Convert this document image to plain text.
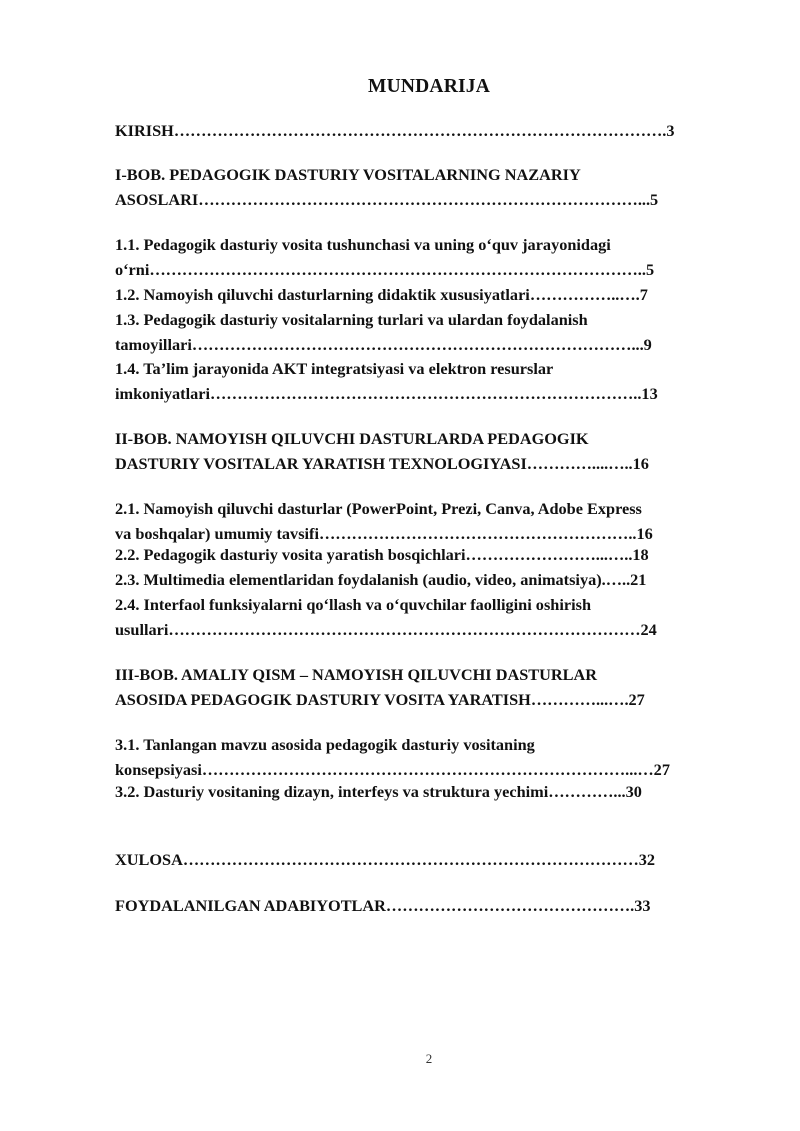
MUNDARIJA
KIRISH……………………………………………………………………………….3
I-BOB. PEDAGOGIK DASTURIY VOSITALARNING NAZARIY
ASOSLARI………………………………………………………………………...5
1.1. Pedagogik dasturiy vosita tushunchasi va uning o‘quv jarayonidagi
o‘rni………………………………………………………………………………..5
1.2. Namoyish qiluvchi dasturlarning didaktik xususiyatlari……………..….7
1.3. Pedagogik dasturiy vositalarning turlari va ulardan foydalanish
tamoyillari………………………………………………………………………...9
1.4. Ta’lim jarayonida AKT integratsiyasi va elektron resurslar
imkoniyatlari……………………………………………………………………..13
II-BOB. NAMOYISH QILUVCHI DASTURLARDA PEDAGOGIK
DASTURIY VOSITALAR YARATISH TEXNOLOGIYASI…………....…..16
2.1. Namoyish qiluvchi dasturlar (PowerPoint, Prezi, Canva, Adobe Express
va boshqalar) umumiy tavsifi…………………………………………………..16
2.2. Pedagogik dasturiy vosita yaratish bosqichlari……………………...…..18
2.3. Multimedia elementlaridan foydalanish (audio, video, animatsiya).…..21
2.4. Interfaol funksiyalarni qo‘llash va o‘quvchilar faolligini oshirish
usullari……………………………………………………………………………24
III-BOB. AMALIY QISM – NAMOYISH QILUVCHI DASTURLAR
ASOSIDA PEDAGOGIK DASTURIY VOSITA YARATISH…………...….27
3.1. Tanlangan mavzu asosida pedagogik dasturiy vositaning
konsepsiyasi……………………………………………………………………...…27
3.2. Dasturiy vositaning dizayn, interfeys va struktura yechimi…………...30
XULOSA…………………………………………………………………………32
FOYDALANILGAN ADABIYOTLAR……………………………………….33
2
